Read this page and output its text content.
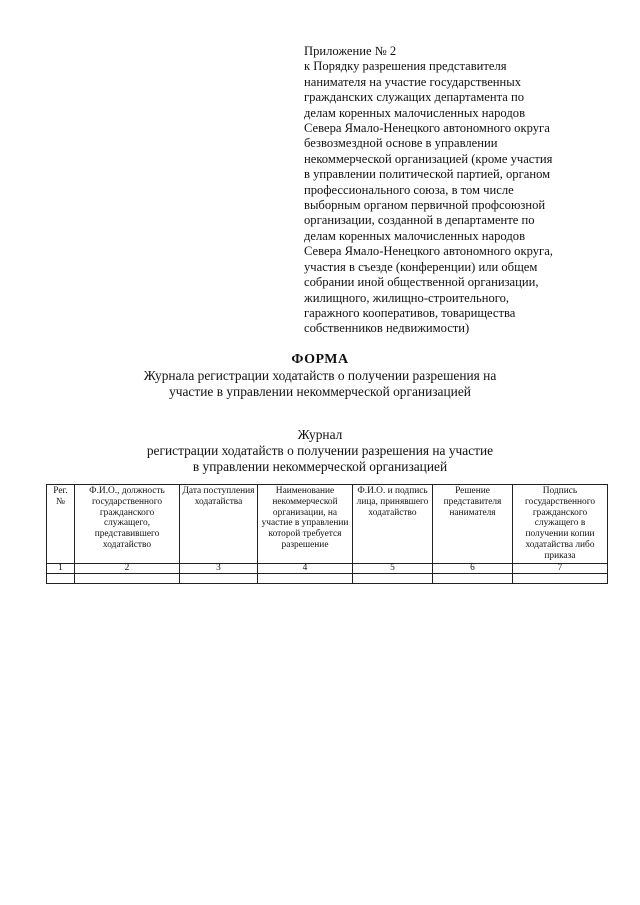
Приложение № 2
к Порядку разрешения представителя
нанимателя на участие государственных
гражданских служащих департамента по
делам коренных малочисленных народов
Севера Ямало-Ненецкого автономного округа
безвозмездной основе в управлении
некоммерческой организацией (кроме участия
в управлении политической партией, органом
профессионального союза, в том числе
выборным органом первичной профсоюзной
организации, созданной в департаменте по
делам коренных малочисленных народов
Севера Ямало-Ненецкого автономного округа,
участия в съезде (конференции) или общем
собрании иной общественной организации,
жилищного, жилищно-строительного,
гаражного кооперативов, товарищества
собственников недвижимости)
ФОРМА
Журнала регистрации ходатайств о получении разрешения на
участие в управлении некоммерческой организацией
Журнал
регистрации ходатайств о получении разрешения на участие
в управлении некоммерческой организацией
Рег. №	Ф.И.О., должность государственного гражданского служащего, представившего ходатайство	Дата поступления ходатайства	Наименование некоммерческой организации, на участие в управлении которой требуется разрешение	Ф.И.О. и подпись лица, принявшего ходатайство	Решение представителя нанимателя	Подпись государственного гражданского служащего в получении копии ходатайства либо приказа
1	2	3	4	5	6	7
